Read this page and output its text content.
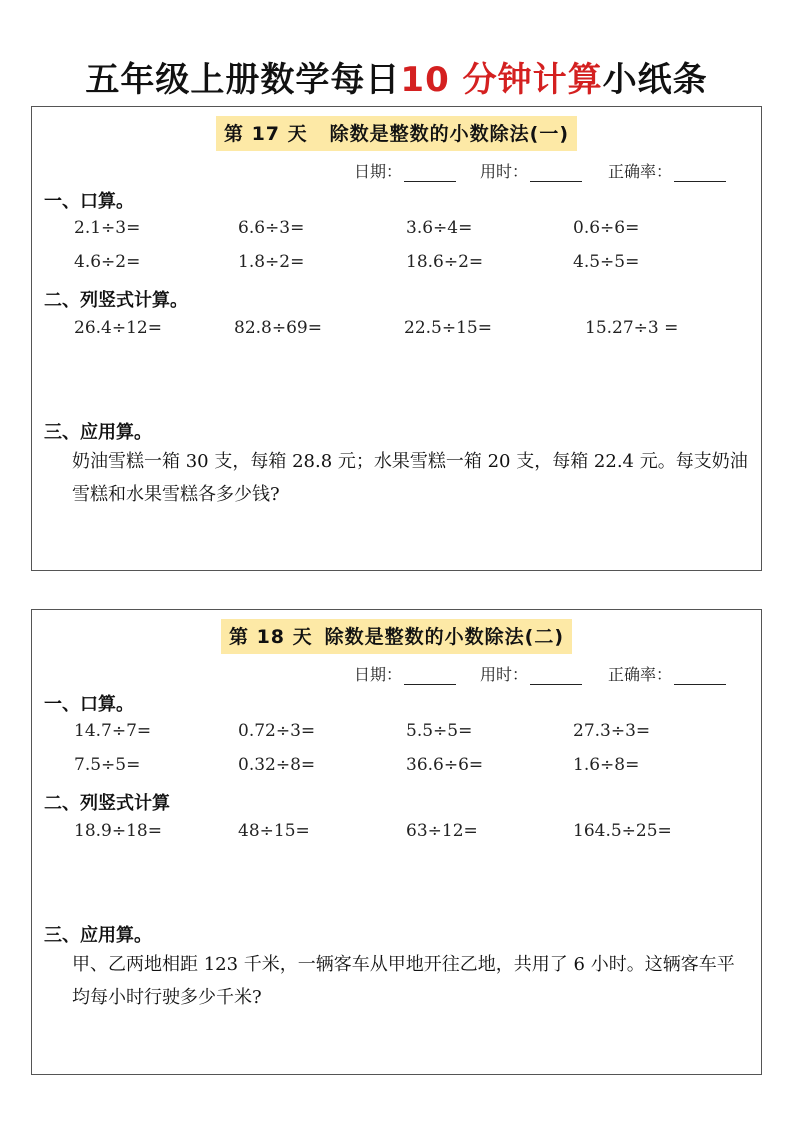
五年级上册数学每日10 分钟计算小纸条
第 17 天 除数是整数的小数除法(一)
日期：	用时：	正确率：
一、口算。
2.1÷3=	6.6÷3=	3.6÷4=	0.6÷6=
4.6÷2=	1.8÷2=	18.6÷2=	4.5÷5=
二、列竖式计算。
26.4÷12=	82.8÷69=	22.5÷15=	15.27÷3 =
三、应用算。
奶油雪糕一箱 30 支，每箱 28.8 元；水果雪糕一箱 20 支，每箱 22.4 元。每支奶油雪糕和水果雪糕各多少钱?
第 18 天 除数是整数的小数除法(二)
日期：	用时：	正确率：
一、口算。
14.7÷7=	0.72÷3=	5.5÷5=	27.3÷3=
7.5÷5=	0.32÷8=	36.6÷6=	1.6÷8=
二、列竖式计算
18.9÷18=	48÷15=	63÷12=	164.5÷25=
三、应用算。
甲、乙两地相距 123 千米，一辆客车从甲地开往乙地，共用了 6 小时。这辆客车平均每小时行驶多少千米?
